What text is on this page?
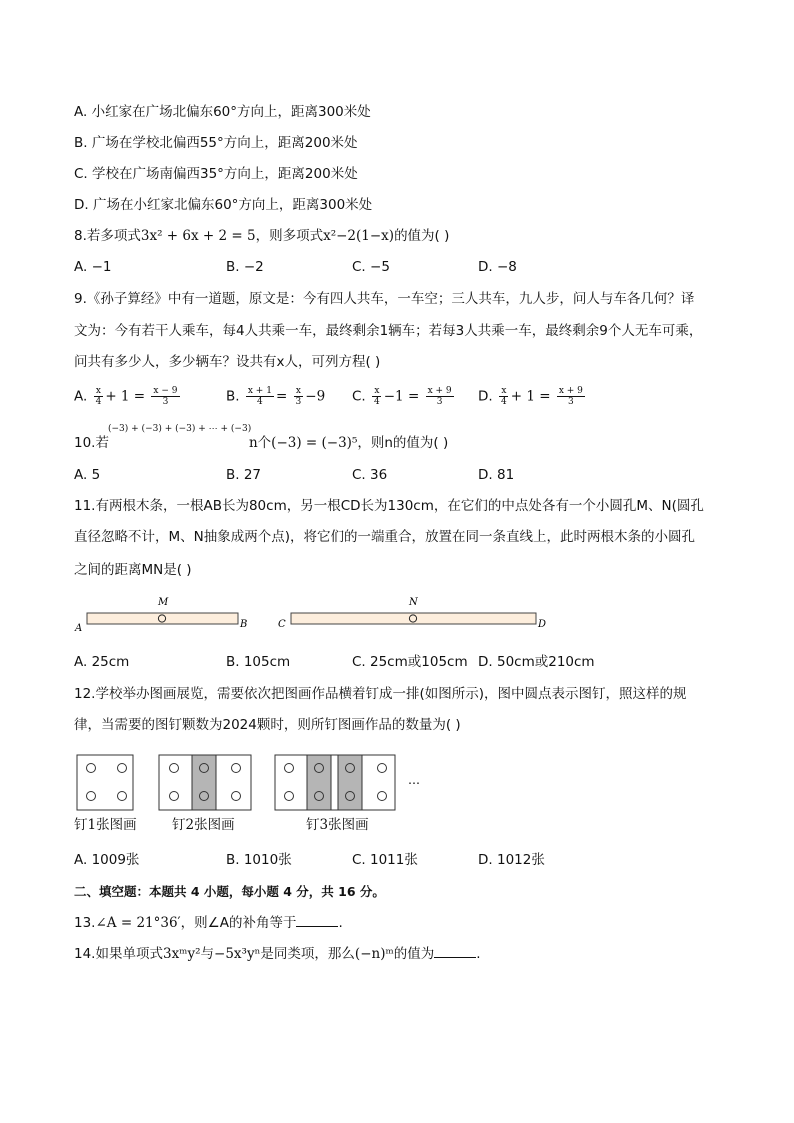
A. 小红家在广场北偏东60°方向上，距离300米处
B. 广场在学校北偏西55°方向上，距离200米处
C. 学校在广场南偏西35°方向上，距离200米处
D. 广场在小红家北偏东60°方向上，距离300米处
8.若多项式3x² + 6x + 2 = 5，则多项式x²−2(1−x)的值为( )
A. −1	B. −2	C. −5	D. −8
9.《孙子算经》中有一道题，原文是：今有四人共车，一车空；三人共车，九人步，问人与车各几何？译
文为：今有若干人乘车，每4人共乘一车，最终剩余1辆车；若每3人共乘一车，最终剩余9个人无车可乘，
问共有多少人，多少辆车？设共有x人，可列方程( )
A. $\frac{x}{4} + 1 = \frac{x - 9}{3}$	B. $\frac{x + 1}{4} = \frac{x}{3} -9$ C. $\frac{x}{4} -1 = \frac{x + 9}{3} D$. $\frac{x}{4} + 1 = \frac{x + 9}{3}$
(−3) + (−3) + (−3) + ⋯ + (−3)
10.若	n个(−3) = (−3)⁵，则n的值为( )
A. 5	B. 27	C. 36	D. 81
11.有两根木条，一根AB长为80cm，另一根CD长为130cm，在它们的中点处各有一个小圆孔M、N(圆孔
直径忽略不计，M、N抽象成两个点)，将它们的一端重合，放置在同一条直线上，此时两根木条的小圆孔
之间的距离MN是( )
M	N
A	B	C	D
A. 25cm	B. 105cm	C. 25cm或105cm D. 50cm或210cm
12.学校举办图画展览，需要依次把图画作品横着钉成一排(如图所示)，图中圆点表示图钉，照这样的规
律，当需要的图钉颗数为2024颗时，则所钉图画作品的数量为( )
…
钉1张图画	钉2张图画	钉3张图画
A. 1009张	B. 1010张	C. 1011张	D. 1012张
二、填空题：本题共 4 小题，每小题 4 分，共 16 分。
13.∠A = 21°36′，则∠A的补角等于	.
14.如果单项式3xᵐy²与−5x³yⁿ是同类项，那么(−n)ᵐ的值为	.
